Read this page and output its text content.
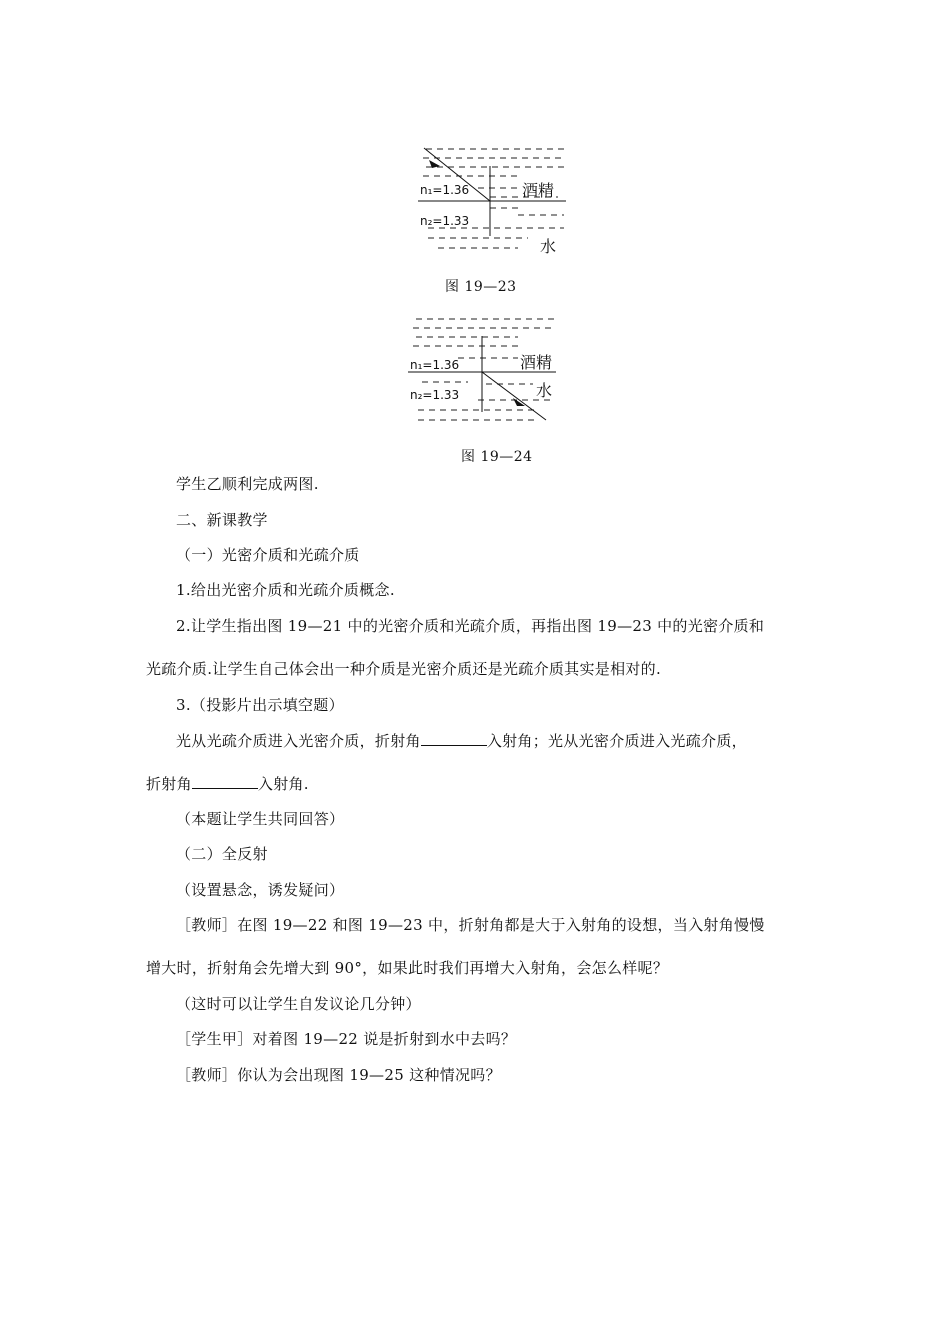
n₁=1.36
n₂=1.33
酒精
水
图 19—23
n₁=1.36
n₂=1.33
酒精
水
图 19—24
学生乙顺利完成两图.
二、新课教学
（一）光密介质和光疏介质
1.给出光密介质和光疏介质概念.
2.让学生指出图 19—21 中的光密介质和光疏介质，再指出图 19—23 中的光密介质和
光疏介质.让学生自己体会出一种介质是光密介质还是光疏介质其实是相对的.
3.（投影片出示填空题）
光从光疏介质进入光密介质，折射角	入射角；光从光密介质进入光疏介质，
折射角	入射角.
（本题让学生共同回答）
（二）全反射
（设置悬念，诱发疑问）
［教师］在图 19—22 和图 19—23 中，折射角都是大于入射角的设想，当入射角慢慢
增大时，折射角会先增大到 90°，如果此时我们再增大入射角，会怎么样呢？
（这时可以让学生自发议论几分钟）
［学生甲］对着图 19—22 说是折射到水中去吗？
［教师］你认为会出现图 19—25 这种情况吗？
